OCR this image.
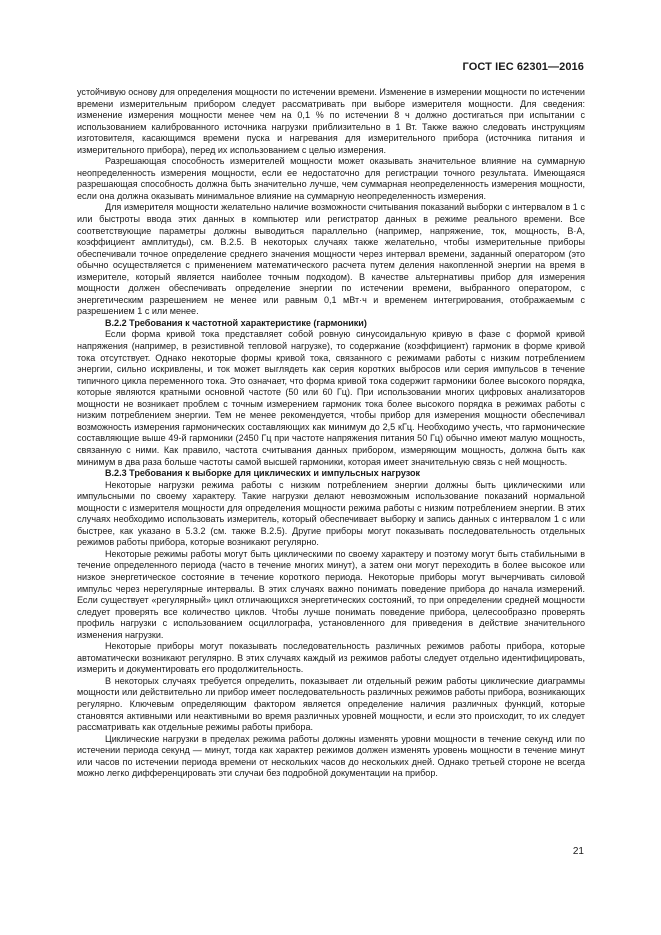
ГОСТ IEC 62301—2016

устойчивую основу для определения мощности по истечении времени. Изменение в измерении мощности по истечении времени измерительным прибором следует рассматривать при выборе измерителя мощности. Для сведения: изменение измерения мощности менее чем на 0,1 % по истечении 8 ч должно достигаться при испытании с использованием калиброванного источника нагрузки приблизительно в 1 Вт. Также важно следовать инструкциям изготовителя, касающимся времени пуска и нагревания для измерительного прибора (источника питания и измерительного прибора), перед их использованием с целью измерения.

Разрешающая способность измерителей мощности может оказывать значительное влияние на суммарную неопределенность измерения мощности, если ее недостаточно для регистрации точного результата. Имеющаяся разрешающая способность должна быть значительно лучше, чем суммарная неопределенность измерения мощности, если она должна оказывать минимальное влияние на суммарную неопределенность измерения.

Для измерителя мощности желательно наличие возможности считывания показаний выборки с интервалом в 1 с или быстроты ввода этих данных в компьютер или регистратор данных в режиме реального времени. Все соответствующие параметры должны выводиться параллельно (например, напряжение, ток, мощность, В·А, коэффициент амплитуды), см. В.2.5. В некоторых случаях также желательно, чтобы измерительные приборы обеспечивали точное определение среднего значения мощности через интервал времени, заданный оператором (это обычно осуществляется с применением математического расчета путем деления накопленной энергии на время в измерителе, который является наиболее точным подходом). В качестве альтернативы прибор для измерения мощности должен обеспечивать определение энергии по истечении времени, выбранного оператором, с энергетическим разрешением не менее или равным 0,1 мВт·ч и временем интегрирования, отображаемым с разрешением 1 с или менее.

В.2.2 Требования к частотной характеристике (гармоники)

Если форма кривой тока представляет собой ровную синусоидальную кривую в фазе с формой кривой напряжения (например, в резистивной тепловой нагрузке), то содержание (коэффициент) гармоник в форме кривой тока отсутствует. Однако некоторые формы кривой тока, связанного с режимами работы с низким потреблением энергии, сильно искривлены, и ток может выглядеть как серия коротких выбросов или серия импульсов в течение типичного цикла переменного тока. Это означает, что форма кривой тока содержит гармоники более высокого порядка, которые являются кратными основной частоте (50 или 60 Гц). При использовании многих цифровых анализаторов мощности не возникает проблем с точным измерением гармоник тока более высокого порядка в режимах работы с низким потреблением энергии. Тем не менее рекомендуется, чтобы прибор для измерения мощности обеспечивал возможность измерения гармонических составляющих как минимум до 2,5 кГц. Необходимо учесть, что гармонические составляющие выше 49-й гармоники (2450 Гц при частоте напряжения питания 50 Гц) обычно имеют малую мощность, связанную с ними. Как правило, частота считывания данных прибором, измеряющим мощность, должна быть как минимум в два раза больше частоты самой высшей гармоники, которая имеет значительную связь с ней мощность.

В.2.3 Требования к выборке для циклических и импульсных нагрузок

Некоторые нагрузки режима работы с низким потреблением энергии должны быть циклическими или импульсными по своему характеру. Такие нагрузки делают невозможным использование показаний нормальной мощности с измерителя мощности для определения мощности режима работы с низким потреблением энергии. В этих случаях необходимо использовать измеритель, который обеспечивает выборку и запись данных с интервалом 1 с или быстрее, как указано в 5.3.2 (см. также В.2.5). Другие приборы могут показывать последовательность отдельных режимов работы прибора, которые возникают регулярно.

Некоторые режимы работы могут быть циклическими по своему характеру и поэтому могут быть стабильными в течение определенного периода (часто в течение многих минут), а затем они могут переходить в более высокое или низкое энергетическое состояние в течение короткого периода. Некоторые приборы могут вычерчивать силовой импульс через нерегулярные интервалы. В этих случаях важно понимать поведение прибора до начала измерений. Если существует «регулярный» цикл отличающихся энергетических состояний, то при определении средней мощности следует проверять все количество циклов. Чтобы лучше понимать поведение прибора, целесообразно проверять профиль нагрузки с использованием осциллографа, установленного для приведения в действие значительного изменения нагрузки.

Некоторые приборы могут показывать последовательность различных режимов работы прибора, которые автоматически возникают регулярно. В этих случаях каждый из режимов работы следует отдельно идентифицировать, измерить и документировать его продолжительность.

В некоторых случаях требуется определить, показывает ли отдельный режим работы циклические диаграммы мощности или действительно ли прибор имеет последовательность различных режимов работы прибора, возникающих регулярно. Ключевым определяющим фактором является определение наличия различных функций, которые становятся активными или неактивными во время различных уровней мощности, и если это происходит, то их следует рассматривать как отдельные режимы работы прибора.

Циклические нагрузки в пределах режима работы должны изменять уровни мощности в течение секунд или по истечении периода секунд — минут, тогда как характер режимов должен изменять уровень мощности в течение минут или часов по истечении периода времени от нескольких часов до нескольких дней. Однако третьей стороне не всегда можно легко дифференцировать эти случаи без подробной документации на прибор.

21
